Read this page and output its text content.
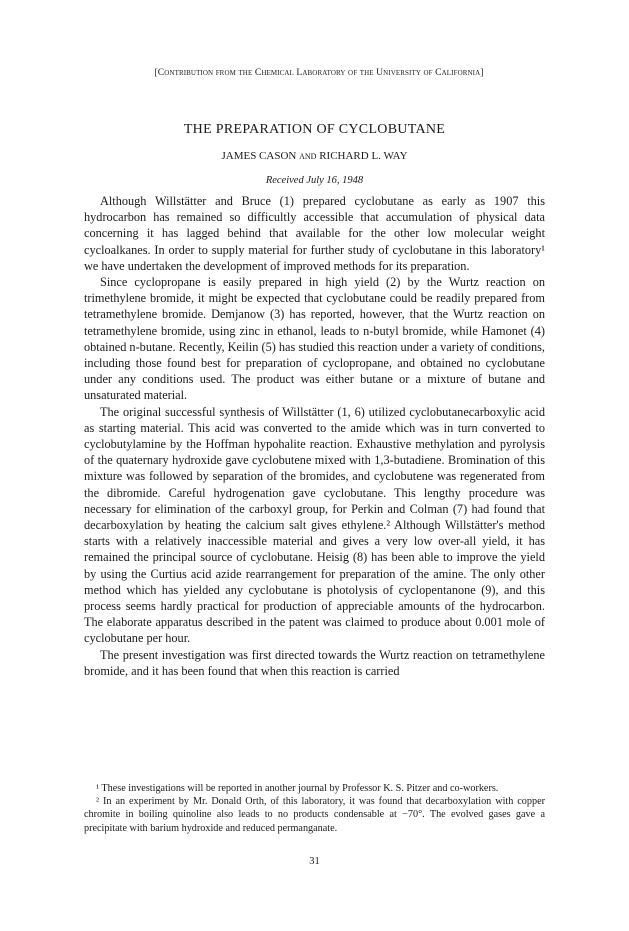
[Contribution from the Chemical Laboratory of the University of California]
THE PREPARATION OF CYCLOBUTANE
JAMES CASON and RICHARD L. WAY
Received July 16, 1948

Although Willstätter and Bruce (1) prepared cyclobutane as early as 1907 this hydrocarbon has remained so difficultly accessible that accumulation of physical data concerning it has lagged behind that available for the other low molecular weight cycloalkanes. In order to supply material for further study of cyclobutane in this laboratory¹ we have undertaken the development of improved methods for its preparation.

Since cyclopropane is easily prepared in high yield (2) by the Wurtz reaction on trimethylene bromide, it might be expected that cyclobutane could be readily prepared from tetramethylene bromide. Demjanow (3) has reported, however, that the Wurtz reaction on tetramethylene bromide, using zinc in ethanol, leads to n-butyl bromide, while Hamonet (4) obtained n-butane. Recently, Keilin (5) has studied this reaction under a variety of conditions, including those found best for preparation of cyclopropane, and obtained no cyclobutane under any conditions used. The product was either butane or a mixture of butane and unsaturated material.

The original successful synthesis of Willstätter (1, 6) utilized cyclobutanecarboxylic acid as starting material. This acid was converted to the amide which was in turn converted to cyclobutylamine by the Hoffman hypohalite reaction. Exhaustive methylation and pyrolysis of the quaternary hydroxide gave cyclobutene mixed with 1,3-butadiene. Bromination of this mixture was followed by separation of the bromides, and cyclobutene was regenerated from the dibromide. Careful hydrogenation gave cyclobutane. This lengthy procedure was necessary for elimination of the carboxyl group, for Perkin and Colman (7) had found that decarboxylation by heating the calcium salt gives ethylene.² Although Willstätter's method starts with a relatively inaccessible material and gives a very low over-all yield, it has remained the principal source of cyclobutane. Heisig (8) has been able to improve the yield by using the Curtius acid azide rearrangement for preparation of the amine. The only other method which has yielded any cyclobutane is photolysis of cyclopentanone (9), and this process seems hardly practical for production of appreciable amounts of the hydrocarbon. The elaborate apparatus described in the patent was claimed to produce about 0.001 mole of cyclobutane per hour.

The present investigation was first directed towards the Wurtz reaction on tetramethylene bromide, and it has been found that when this reaction is carried

¹ These investigations will be reported in another journal by Professor K. S. Pitzer and co-workers.

² In an experiment by Mr. Donald Orth, of this laboratory, it was found that decarboxylation with copper chromite in boiling quinoline also leads to no products condensable at −70°. The evolved gases gave a precipitate with barium hydroxide and reduced permanganate.

31
